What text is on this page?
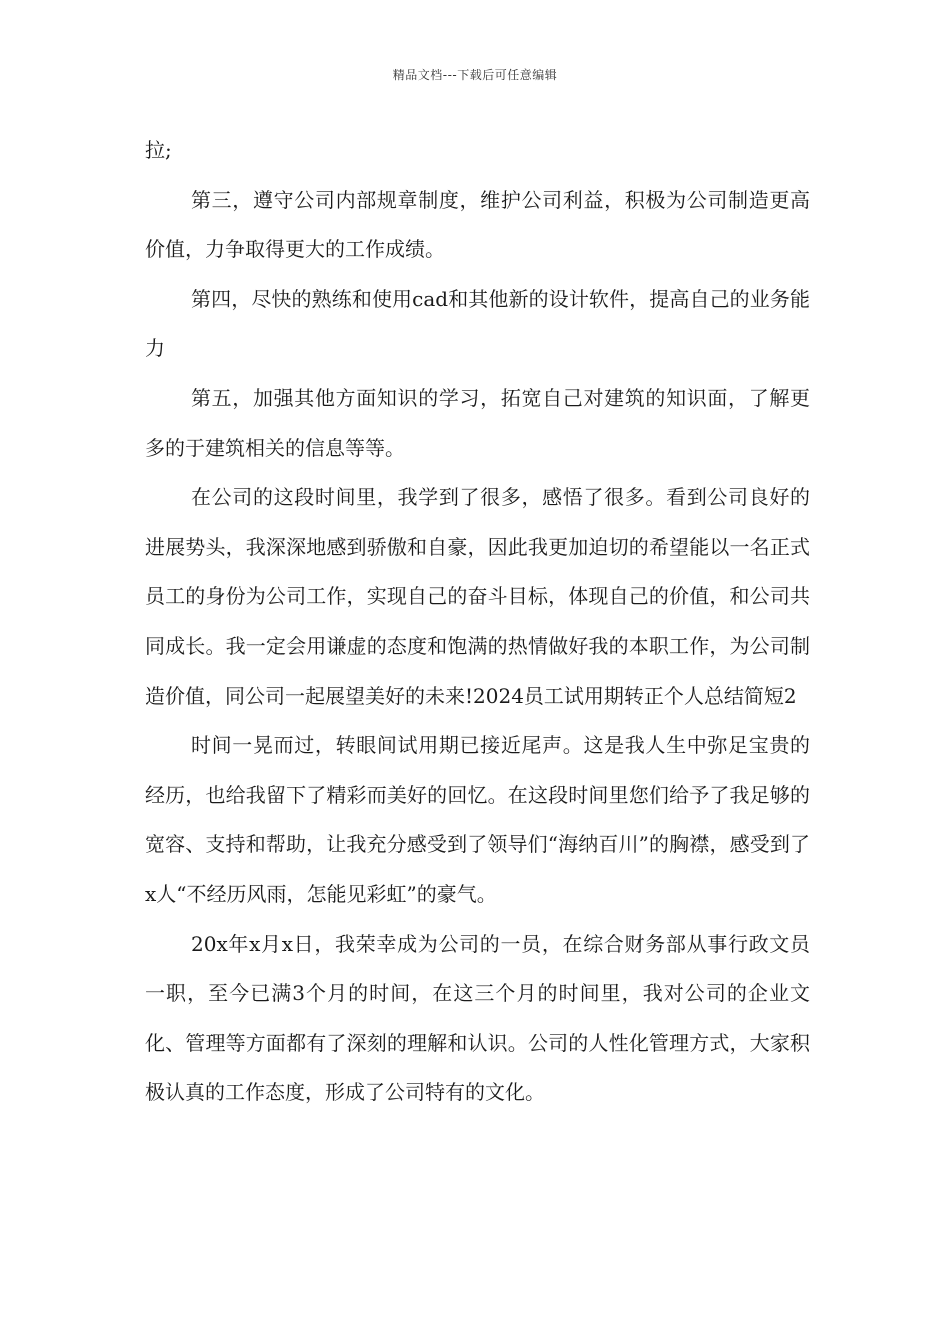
精品文档---下载后可任意编辑

拉;

第三，遵守公司内部规章制度，维护公司利益，积极为公司制造更高价值，力争取得更大的工作成绩。

第四，尽快的熟练和使用cad和其他新的设计软件，提高自己的业务能力

第五，加强其他方面知识的学习，拓宽自己对建筑的知识面，了解更多的于建筑相关的信息等等。

在公司的这段时间里，我学到了很多，感悟了很多。看到公司良好的进展势头，我深深地感到骄傲和自豪，因此我更加迫切的希望能以一名正式员工的身份为公司工作，实现自己的奋斗目标，体现自己的价值，和公司共同成长。我一定会用谦虚的态度和饱满的热情做好我的本职工作，为公司制造价值，同公司一起展望美好的未来!2024员工试用期转正个人总结简短2

时间一晃而过，转眼间试用期已接近尾声。这是我人生中弥足宝贵的经历，也给我留下了精彩而美好的回忆。在这段时间里您们给予了我足够的宽容、支持和帮助，让我充分感受到了领导们“海纳百川”的胸襟，感受到了x人“不经历风雨，怎能见彩虹”的豪气。

20x年x月x日，我荣幸成为公司的一员，在综合财务部从事行政文员一职，至今已满3个月的时间，在这三个月的时间里，我对公司的企业文化、管理等方面都有了深刻的理解和认识。公司的人性化管理方式，大家积极认真的工作态度，形成了公司特有的文化。
